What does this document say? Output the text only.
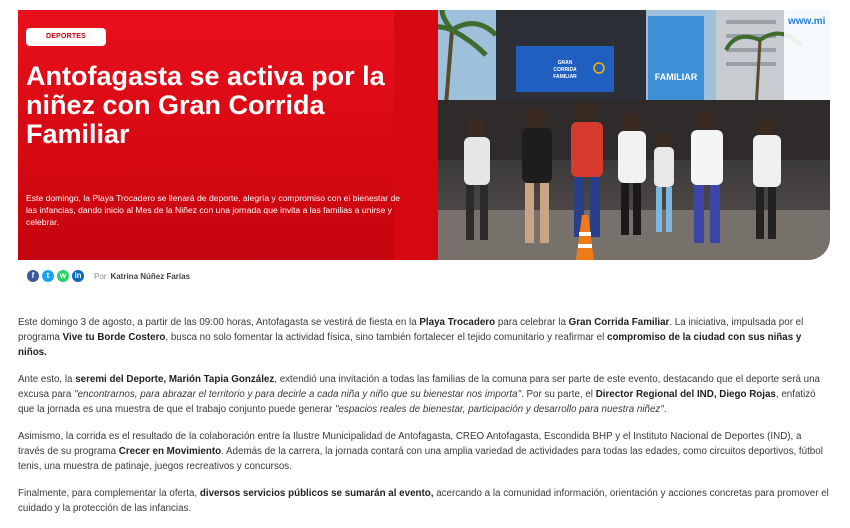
DEPORTES
Antofagasta se activa por la niñez con Gran Corrida Familiar

Este domingo, la Playa Trocadero se llenará de deporte, alegría y compromiso con el bienestar de las infancias, dando inicio al Mes de la Niñez con una jornada que invita a las familias a unirse y celebrar.

GRAN
CORRIDA
FAMILIAR	FAMILIAR
www.mi
f	t	w	in	Por Katrina Núñez Farías

Este domingo 3 de agosto, a partir de las 09:00 horas, Antofagasta se vestirá de fiesta en la Playa Trocadero para celebrar la Gran Corrida Familiar. La iniciativa, impulsada por el programa Vive tu Borde Costero, busca no solo fomentar la actividad física, sino también fortalecer el tejido comunitario y reafirmar el compromiso de la ciudad con sus niñas y niños.

Ante esto, la seremi del Deporte, Marión Tapia González, extendió una invitación a todas las familias de la comuna para ser parte de este evento, destacando que el deporte será una excusa para "encontrarnos, para abrazar el territorio y para decirle a cada niña y niño que su bienestar nos importa". Por su parte, el Director Regional del IND, Diego Rojas, enfatizó que la jornada es una muestra de que el trabajo conjunto puede generar "espacios reales de bienestar, participación y desarrollo para nuestra niñez".

Asimismo, la corrida es el resultado de la colaboración entre la Ilustre Municipalidad de Antofagasta, CREO Antofagasta, Escondida BHP y el Instituto Nacional de Deportes (IND), a través de su programa Crecer en Movimiento. Además de la carrera, la jornada contará con una amplia variedad de actividades para todas las edades, como circuitos deportivos, fútbol tenis, una muestra de patinaje, juegos recreativos y concursos.

Finalmente, para complementar la oferta, diversos servicios públicos se sumarán al evento, acercando a la comunidad información, orientación y acciones concretas para promover el cuidado y la protección de las infancias.
